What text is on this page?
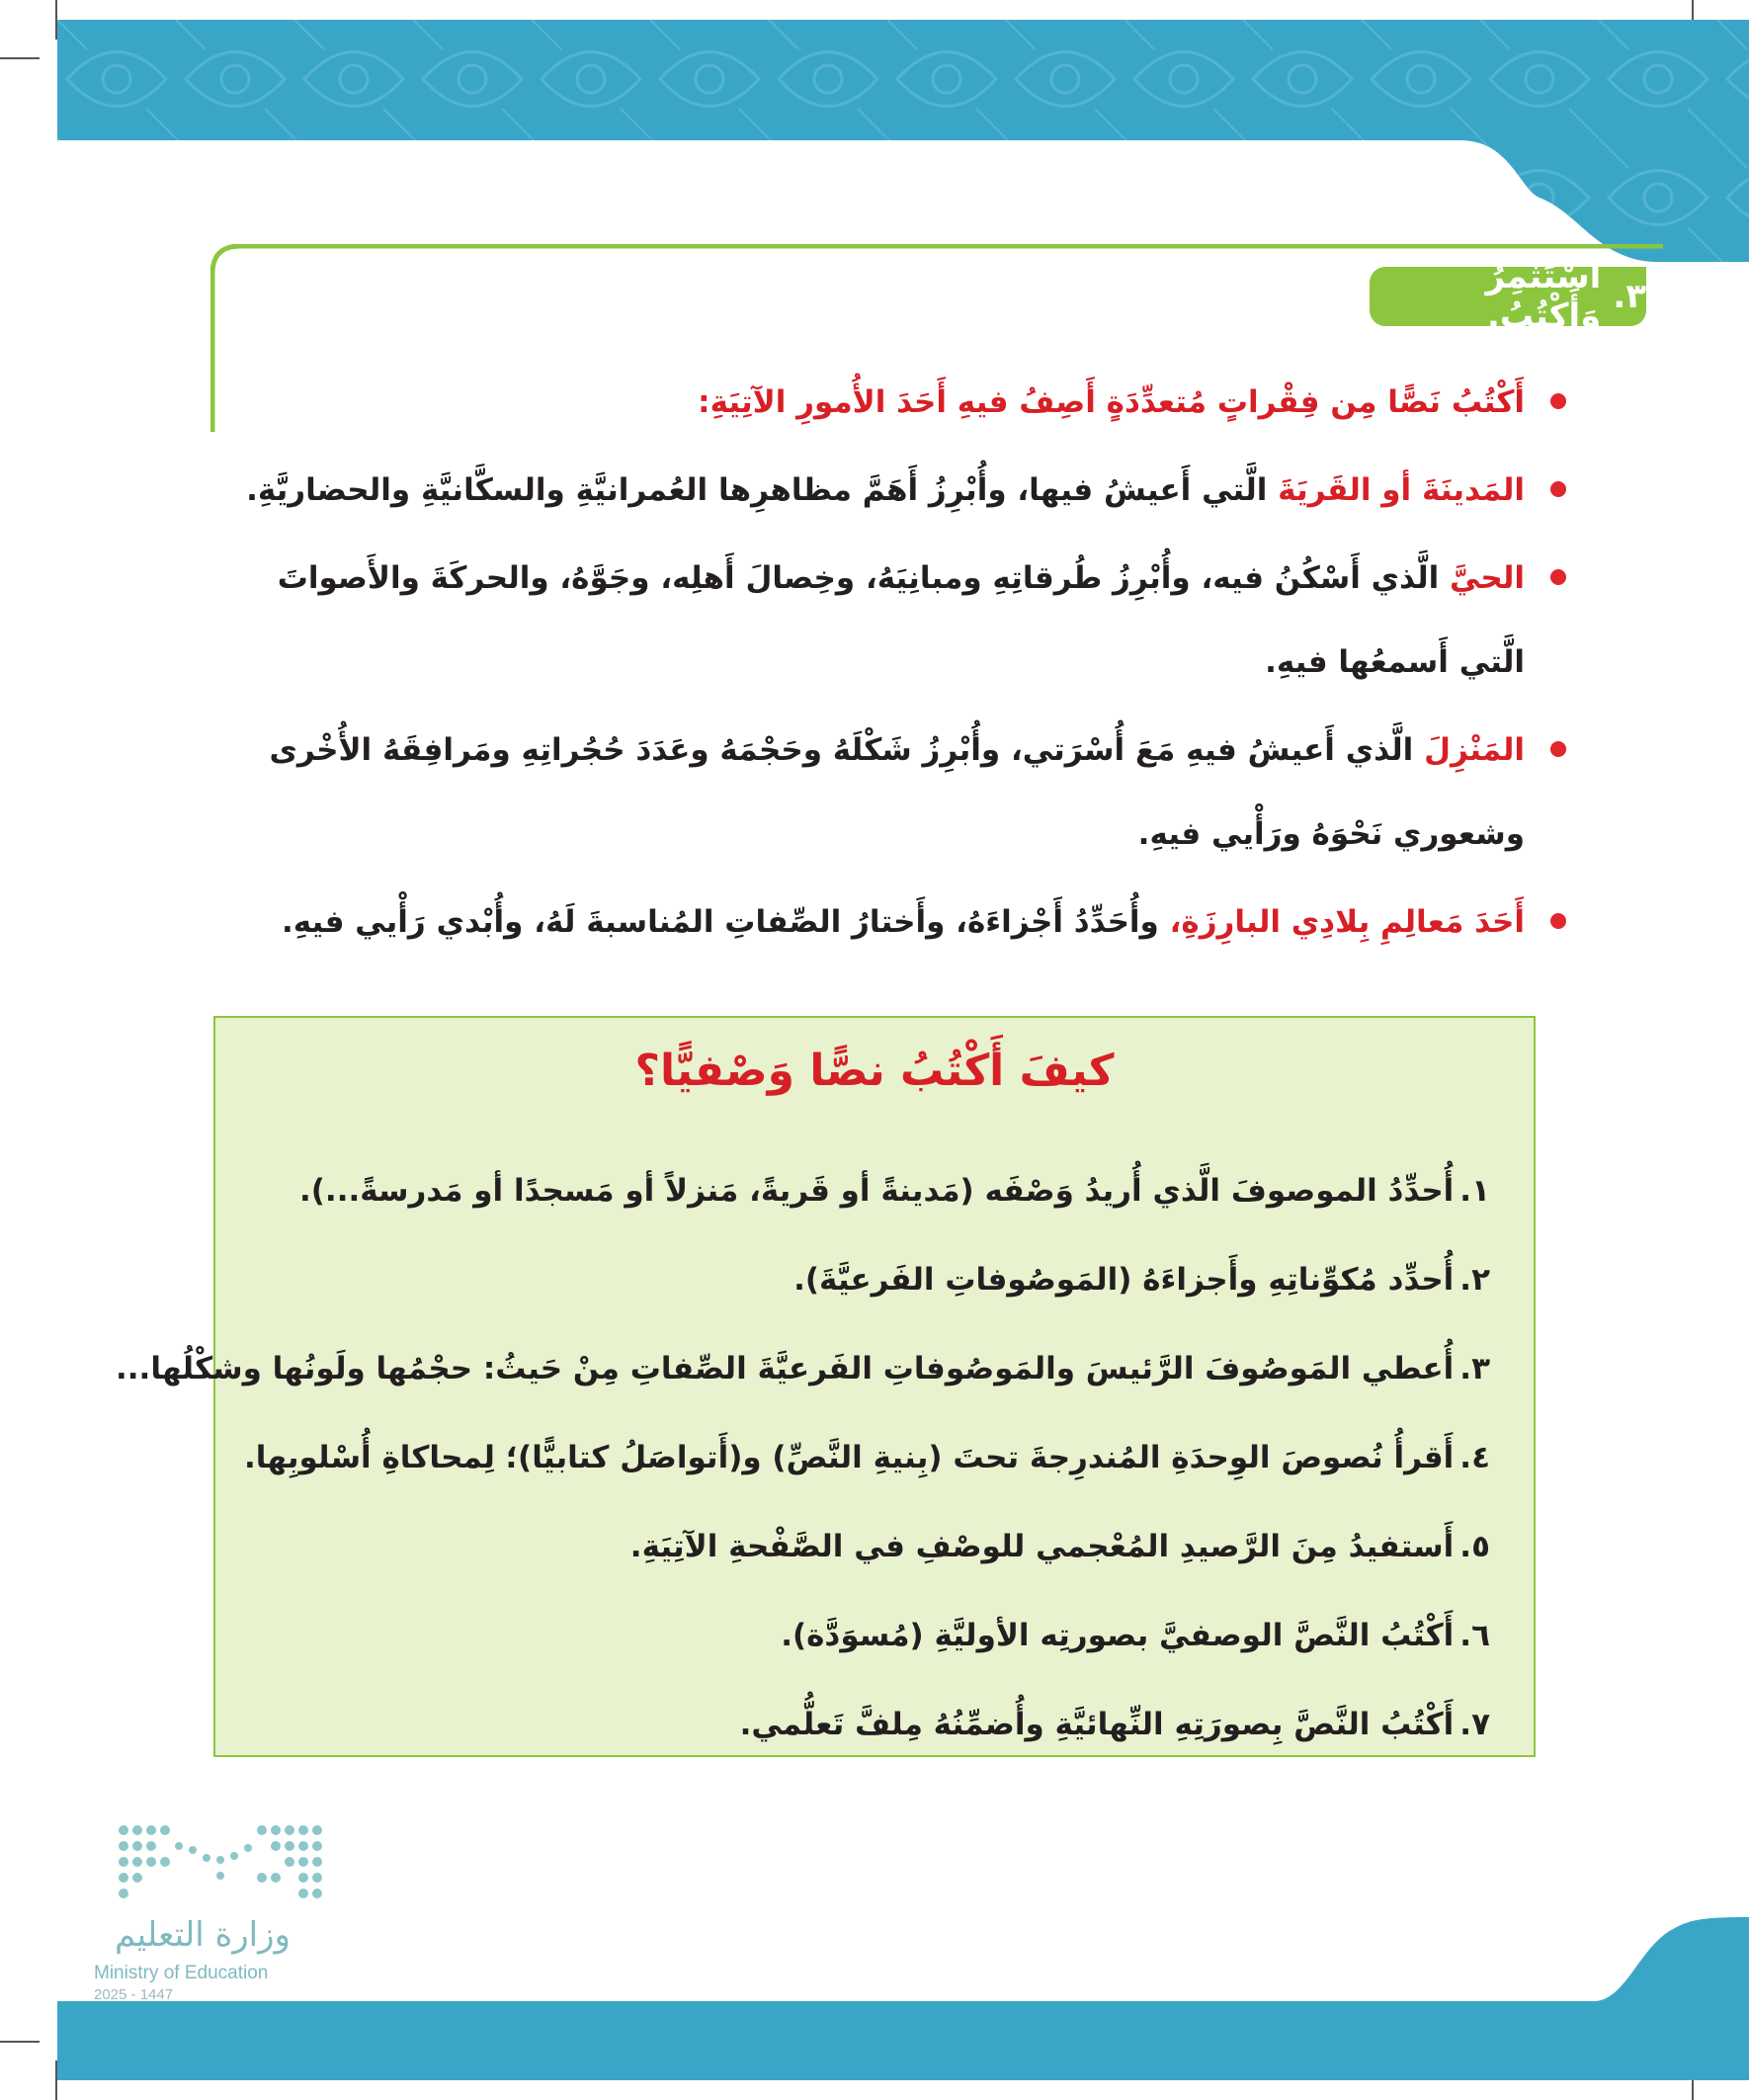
٣.
أَسْتَثْمِرُ وَأَكْتُبُ.
أَكْتُبُ نَصًّا مِن فِقْراتٍ مُتعدِّدَةٍ أَصِفُ فيهِ أَحَدَ الأُمورِ الآتِيَةِ:
المَدينَةَ أو القَريَةَ الَّتي أَعيشُ فيها، وأُبْرِزُ أَهَمَّ مظاهرِها العُمرانيَّةِ والسكَّانيَّةِ والحضاريَّةِ.
الحيَّ الَّذي أَسْكُنُ فيه، وأُبْرِزُ طُرقاتِهِ ومبانِيَهُ، وخِصالَ أَهلِه، وجَوَّهُ، والحركَةَ والأَصواتَ الَّتي أَسمعُها فيهِ.
المَنْزِلَ الَّذي أَعيشُ فيهِ مَعَ أُسْرَتي، وأُبْرِزُ شَكْلَهُ وحَجْمَهُ وعَدَدَ حُجُراتِهِ ومَرافِقَهُ الأُخْرى وشعوري نَحْوَهُ ورَأْيي فيهِ.
أَحَدَ مَعالِمِ بِلادِي البارِزَةِ، وأُحَدِّدُ أَجْزاءَهُ، وأَختارُ الصِّفاتِ المُناسبةَ لَهُ، وأُبْدي رَأْيي فيهِ.
كيفَ أَكْتُبُ نصًّا وَصْفيًّا؟
١.أُحدِّدُ الموصوفَ الَّذي أُريدُ وَصْفَه (مَدينةً أو قَريةً، مَنزلاً أو مَسجدًا أو مَدرسةً...).
٢.أُحدِّد مُكوِّناتِهِ وأَجزاءَهُ (المَوصُوفاتِ الفَرعيَّةَ).
٣.أُعطي المَوصُوفَ الرَّئيسَ والمَوصُوفاتِ الفَرعيَّةَ الصِّفاتِ مِنْ حَيثُ: حجْمُها ولَونُها وشكْلُها...
٤.أَقرأُ نُصوصَ الوِحدَةِ المُندرِجةَ تحتَ (بِنيةِ النَّصِّ) و(أَتواصَلُ كتابيًّا)؛ لِمحاكاةِ أُسْلوبِها.
٥.أَستفيدُ مِنَ الرَّصيدِ المُعْجمي للوصْفِ في الصَّفْحةِ الآتِيَةِ.
٦.أَكْتُبُ النَّصَّ الوصفيَّ بصورتِه الأوليَّةِ (مُسوَدَّة).
٧.أَكْتُبُ النَّصَّ بِصورَتِهِ النِّهائيَّةِ وأُضمِّنُهُ مِلفَّ تَعلُّمي.
وزارة التعليم
Ministry of Education
2025 - 1447
١٣٤
